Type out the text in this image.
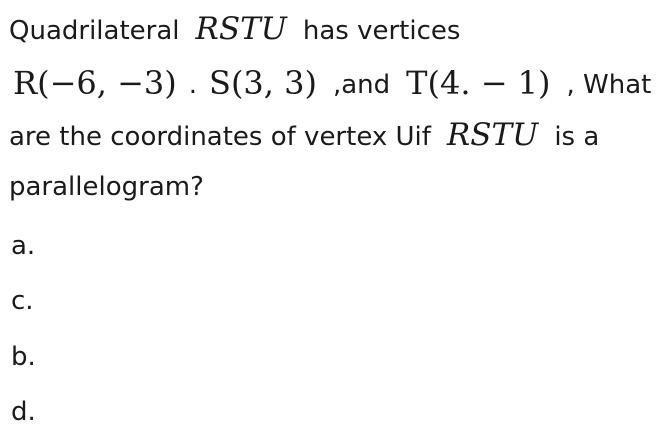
Quadrilateral RSTU has vertices
R(−6, −3) . S(3, 3) ,and T(4. − 1) , What
are the coordinates of vertex Uif RSTU is a
parallelogram?
a.
c.
b.
d.
